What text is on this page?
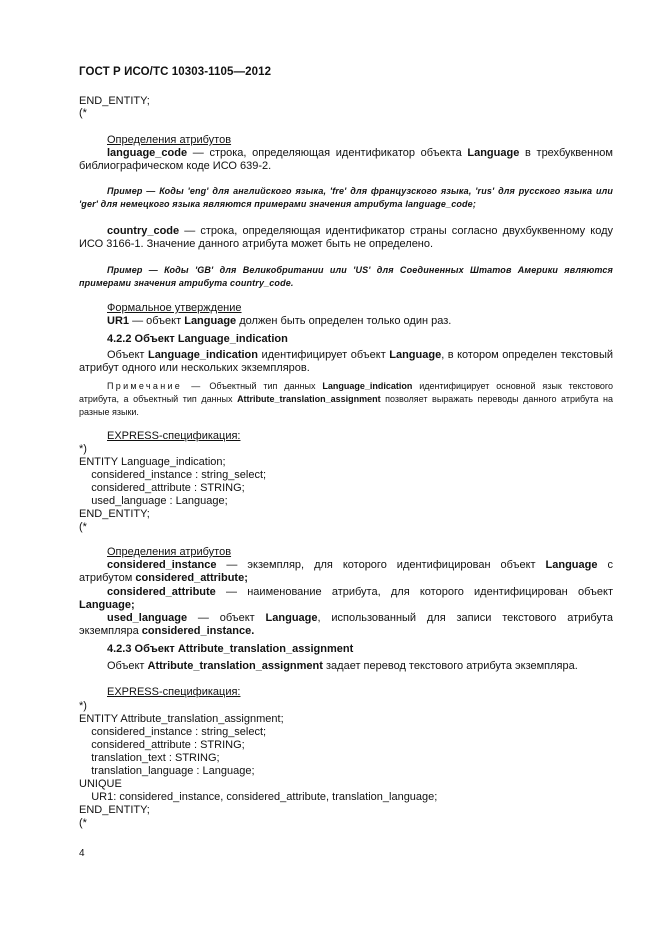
ГОСТ Р ИСО/ТС 10303-1105—2012
END_ENTITY;
(*
Определения атрибутов

language_code — строка, определяющая идентификатор объекта Language в трехбуквенном библиографическом коде ИСО 639-2.

Пример — Коды 'eng' для английского языка, 'fre' для французского языка, 'rus' для русского языка или 'ger' для немецкого языка являются примерами значения атрибута language_code;

country_code — строка, определяющая идентификатор страны согласно двухбуквенному коду ИСО 3166-1. Значение данного атрибута может быть не определено.

Пример — Коды 'GB' для Великобритании или 'US' для Соединенных Штатов Америки являются примерами значения атрибута country_code.

Формальное утверждение
UR1 — объект Language должен быть определен только один раз.
4.2.2 Объект Language_indication

Объект Language_indication идентифицирует объект Language, в котором определен текстовый атрибут одного или нескольких экземпляров.

Примечание — Объектный тип данных Language_indication идентифицирует основной язык текстового атрибута, а объектный тип данных Attribute_translation_assignment позволяет выражать переводы данного атрибута на разные языки.

EXPRESS-спецификация:
*)
ENTITY Language_indication;
considered_instance : string_select;
considered_attribute : STRING;
used_language : Language;
END_ENTITY;
(*
Определения атрибутов

considered_instance — экземпляр, для которого идентифицирован объект Language с атрибутом considered_attribute;

considered_attribute — наименование атрибута, для которого идентифицирован объект Language;

used_language — объект Language, использованный для записи текстового атрибута экземпляра considered_instance.

4.2.3 Объект Attribute_translation_assignment
Объект Attribute_translation_assignment задает перевод текстового атрибута экземпляра.
EXPRESS-спецификация:
*)
ENTITY Attribute_translation_assignment;
considered_instance : string_select;
considered_attribute : STRING;
translation_text : STRING;
translation_language : Language;
UNIQUE
UR1: considered_instance, considered_attribute, translation_language;
END_ENTITY;
(*
4
